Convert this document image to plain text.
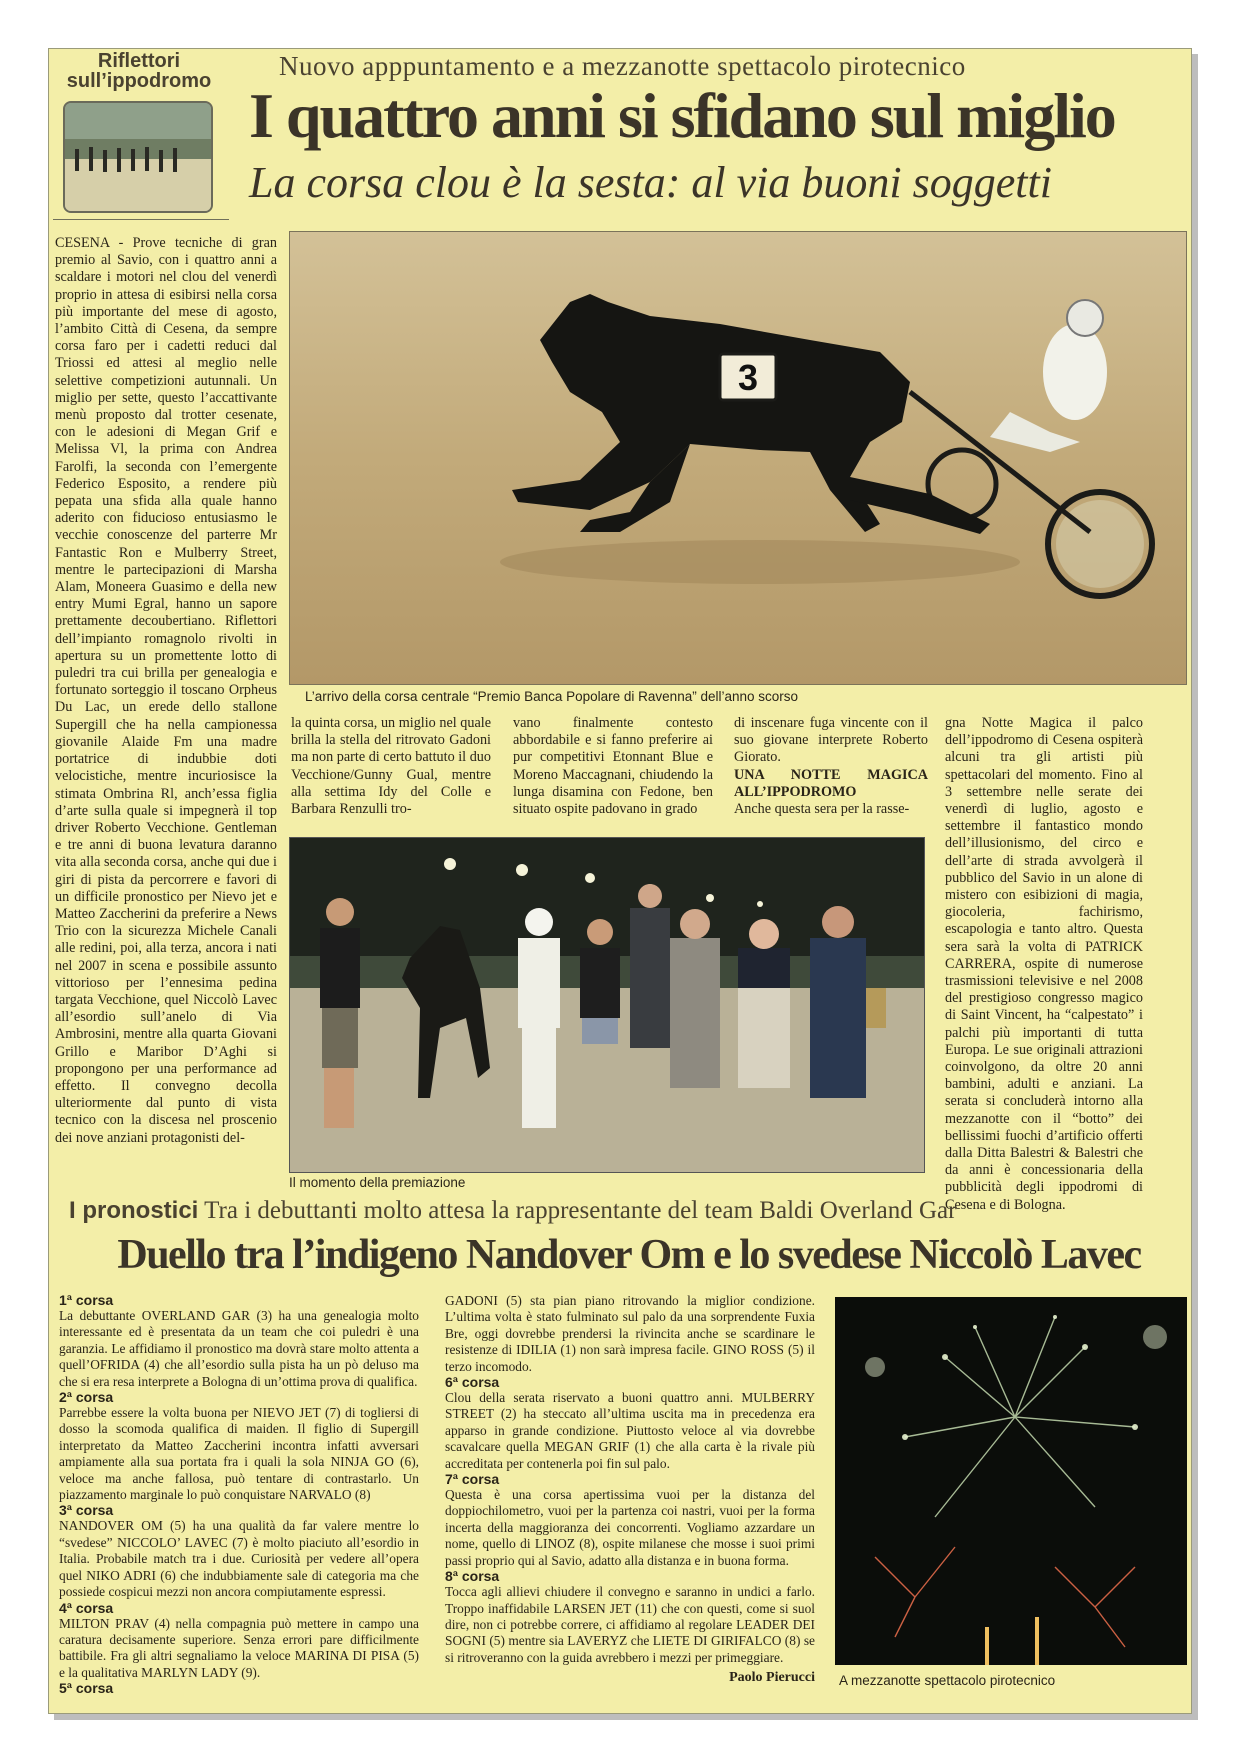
Riflettori
sull’ippodromo	Nuovo apppuntamento e a mezzanotte spettacolo pirotecnico
I quattro anni si sfidano sul miglio
La corsa clou è la sesta: al via buoni soggetti

CESENA - Prove tecniche di gran premio al Savio, con i quattro anni a scaldare i motori nel clou del venerdì proprio in attesa di esibirsi nella corsa più importante del mese di agosto, l’ambito Città di Cesena, da sempre corsa faro per i cadetti reduci dal Triossi ed attesi al meglio nelle selettive competizioni autunnali. Un miglio per sette, questo l’accattivante menù proposto dal trotter cesenate, con le adesioni di Megan Grif e Melissa Vl, la prima con Andrea Farolfi, la seconda con l’emergente Federico Esposito, a rendere più pepata una sfida alla quale hanno aderito con fiducioso entusiasmo le vecchie conoscenze del parterre Mr Fantastic Ron e Mulberry Street, mentre le partecipazioni di Marsha Alam, Moneera Guasimo e della new entry Mumi Egral, hanno un sapore prettamente decoubertiano. Riflettori dell’impianto romagnolo rivolti in apertura su un promettente lotto di puledri tra cui brilla per genealogia e fortunato sorteggio il toscano Orpheus Du Lac, un erede dello stallone Supergill che ha nella campionessa giovanile Alaide Fm una madre portatrice di indubbie doti velocistiche, mentre incuriosisce la stimata Ombrina Rl, anch’essa figlia d’arte sulla quale si impegnerà il top driver Roberto Vecchione. Gentleman e tre anni di buona levatura daranno vita alla seconda corsa, anche qui due i giri di pista da percorrere e favori di un difficile pronostico per Nievo jet e Matteo Zaccherini da preferire a News Trio con la sicurezza Michele Canali alle redini, poi, alla terza, ancora i nati nel 2007 in scena e possibile assunto vittorioso per l’ennesima pedina targata Vecchione, quel Niccolò Lavec all’esordio sull’anelo di Via Ambrosini, mentre alla quarta Giovani Grillo e Maribor D’Aghi si propongono per una performance ad effetto. Il convegno decolla ulteriormente dal punto di vista tecnico con la discesa nel proscenio dei nove anziani protagonisti del-

3
L’arrivo della corsa centrale “Premio Banca Popolare di Ravenna” dell’anno scorso

la quinta corsa, un miglio nel quale brilla la stella del ritrovato Gadoni ma non parte di certo battuto il duo Vecchione/Gunny Gual, mentre alla settima Idy del Colle e Barbara Renzulli tro-

vano finalmente contesto abbordabile e si fanno preferire ai pur competitivi Etonnant Blue e Moreno Maccagnani, chiudendo la lunga disamina con Fedone, ben situato ospite padovano in grado

di inscenare fuga vincente con il suo giovane interprete Roberto Giorato.

UNA NOTTE MAGICA ALL’IPPODROMO

Anche questa sera per la rasse-

gna Notte Magica il palco dell’ippodromo di Cesena ospiterà alcuni tra gli artisti più spettacolari del momento. Fino al 3 settembre nelle serate dei venerdì di luglio, agosto e settembre il fantastico mondo dell’illusionismo, del circo e dell’arte di strada avvolgerà il pubblico del Savio in un alone di mistero con esibizioni di magia, giocoleria, fachirismo, escapologia e tanto altro. Questa sera sarà la volta di PATRICK CARRERA, ospite di numerose trasmissioni televisive e nel 2008 del prestigioso congresso magico di Saint Vincent, ha “calpestato” i palchi più importanti di tutta Europa. Le sue originali attrazioni coinvolgono, da oltre 20 anni bambini, adulti e anziani. La serata si concluderà intorno alla mezzanotte con il “botto” dei bellissimi fuochi d’artificio offerti dalla Ditta Balestri & Balestri che da anni è concessionaria della pubblicità degli ippodromi di Cesena e di Bologna.

Il momento della premiazione
I pronostici Tra i debuttanti molto attesa la rappresentante del team Baldi Overland Gar
Duello tra l’indigeno Nandover Om e lo svedese Niccolò Lavec
1ª corsa

La debuttante OVERLAND GAR (3) ha una genealogia molto interessante ed è presentata da un team che coi puledri è una garanzia. Le affidiamo il pronostico ma dovrà stare molto attenta a quell’OFRIDA (4) che all’esordio sulla pista ha un pò deluso ma che si era resa interprete a Bologna di un’ottima prova di qualifica.

2ª corsa

Parrebbe essere la volta buona per NIEVO JET (7) di togliersi di dosso la scomoda qualifica di maiden. Il figlio di Supergill interpretato da Matteo Zaccherini incontra infatti avversari ampiamente alla sua portata fra i quali la sola NINJA GO (6), veloce ma anche fallosa, può tentare di contrastarlo. Un piazzamento marginale lo può conquistare NARVALO (8)

3ª corsa

NANDOVER OM (5) ha una qualità da far valere mentre lo “svedese” NICCOLO’ LAVEC (7) è molto piaciuto all’esordio in Italia. Probabile match tra i due. Curiosità per vedere all’opera quel NIKO ADRI (6) che indubbiamente sale di categoria ma che possiede cospicui mezzi non ancora compiutamente espressi.

4ª corsa

MILTON PRAV (4) nella compagnia può mettere in campo una caratura decisamente superiore. Senza errori pare difficilmente battibile. Fra gli altri segnaliamo la veloce MARINA DI PISA (5) e la qualitativa MARLYN LADY (9).

5ª corsa

GADONI (5) sta pian piano ritrovando la miglior condizione. L’ultima volta è stato fulminato sul palo da una sorprendente Fuxia Bre, oggi dovrebbe prendersi la rivincita anche se scardinare le resistenze di IDILIA (1) non sarà impresa facile. GINO ROSS (5) il terzo incomodo.

6ª corsa

Clou della serata riservato a buoni quattro anni. MULBERRY STREET (2) ha steccato all’ultima uscita ma in precedenza era apparso in grande condizione. Piuttosto veloce al via dovrebbe scavalcare quella MEGAN GRIF (1) che alla carta è la rivale più accreditata per contenerla poi fin sul palo.

7ª corsa

Questa è una corsa apertissima vuoi per la distanza del doppiochilometro, vuoi per la partenza coi nastri, vuoi per la forma incerta della maggioranza dei concorrenti. Vogliamo azzardare un nome, quello di LINOZ (8), ospite milanese che mosse i suoi primi passi proprio qui al Savio, adatto alla distanza e in buona forma.

8ª corsa

Tocca agli allievi chiudere il convegno e saranno in undici a farlo. Troppo inaffidabile LARSEN JET (11) che con questi, come si suol dire, non ci potrebbe correre, ci affidiamo al regolare LEADER DEI SOGNI (5) mentre sia LAVERYZ che LIETE DI GIRIFALCO (8) se si ritroveranno con la guida avrebbero i mezzi per primeggiare.

Paolo Pierucci A mezzanotte spettacolo pirotecnico
